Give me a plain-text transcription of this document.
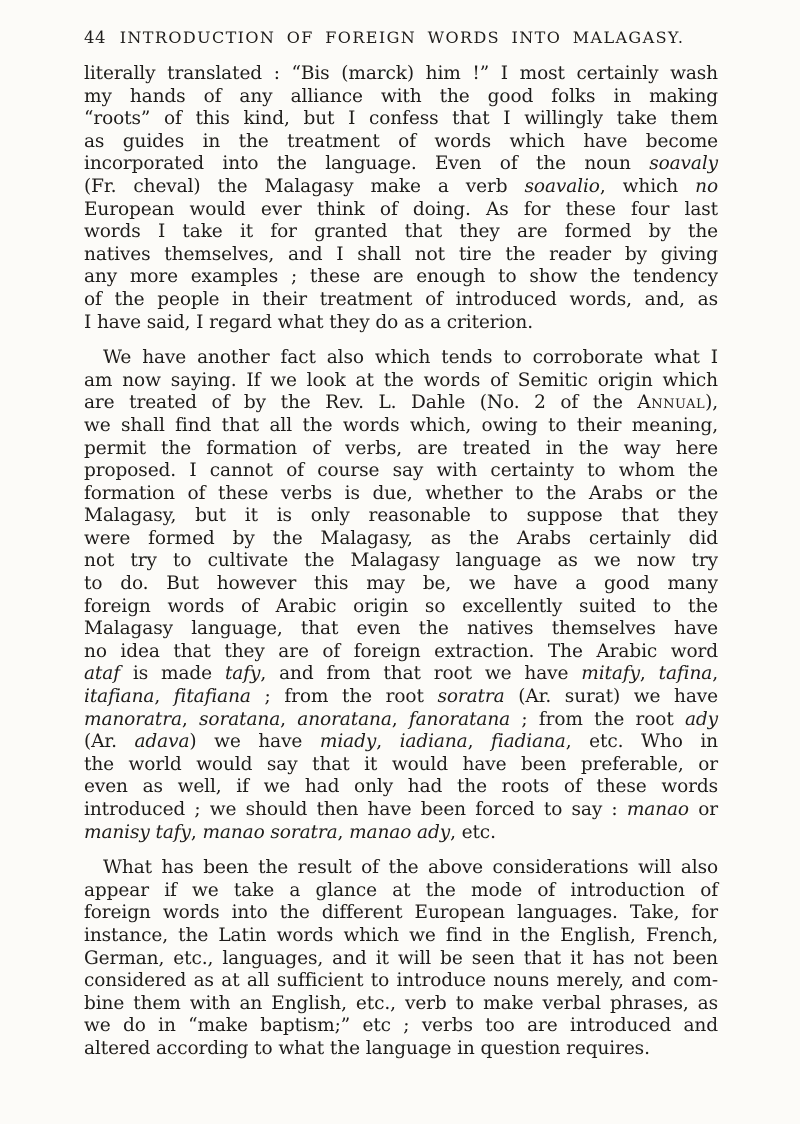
44 INTRODUCTION OF FOREIGN WORDS INTO MALAGASY.
literally translated : “Bis (marck) him !” I most certainly wash
my hands of any alliance with the good folks in making
“roots” of this kind, but I confess that I willingly take them
as guides in the treatment of words which have become
incorporated into the language. Even of the noun soavaly
(Fr. cheval) the Malagasy make a verb soavalio, which no
European would ever think of doing. As for these four last
words I take it for granted that they are formed by the
natives themselves, and I shall not tire the reader by giving
any more examples ; these are enough to show the tendency
of the people in their treatment of introduced words, and, as
I have said, I regard what they do as a criterion.
We have another fact also which tends to corroborate what I
am now saying. If we look at the words of Semitic origin which
are treated of by the Rev. L. Dahle (No. 2 of the Annual),
we shall find that all the words which, owing to their meaning,
permit the formation of verbs, are treated in the way here
proposed. I cannot of course say with certainty to whom the
formation of these verbs is due, whether to the Arabs or the
Malagasy, but it is only reasonable to suppose that they
were formed by the Malagasy, as the Arabs certainly did
not try to cultivate the Malagasy language as we now try
to do. But however this may be, we have a good many
foreign words of Arabic origin so excellently suited to the
Malagasy language, that even the natives themselves have
no idea that they are of foreign extraction. The Arabic word
ataf is made tafy, and from that root we have mitafy, tafina,
itafiana, fitafiana ; from the root soratra (Ar. surat) we have
manoratra, soratana, anoratana, fanoratana ; from the root ady
(Ar. adava) we have miady, iadiana, fiadiana, etc. Who in
the world would say that it would have been preferable, or
even as well, if we had only had the roots of these words
introduced ; we should then have been forced to say : manao or
manisy tafy, manao soratra, manao ady, etc.
What has been the result of the above considerations will also
appear if we take a glance at the mode of introduction of
foreign words into the different European languages. Take, for
instance, the Latin words which we find in the English, French,
German, etc., languages, and it will be seen that it has not been
considered as at all sufficient to introduce nouns merely, and com-
bine them with an English, etc., verb to make verbal phrases, as
we do in “make baptism;” etc ; verbs too are introduced and
altered according to what the language in question requires.
